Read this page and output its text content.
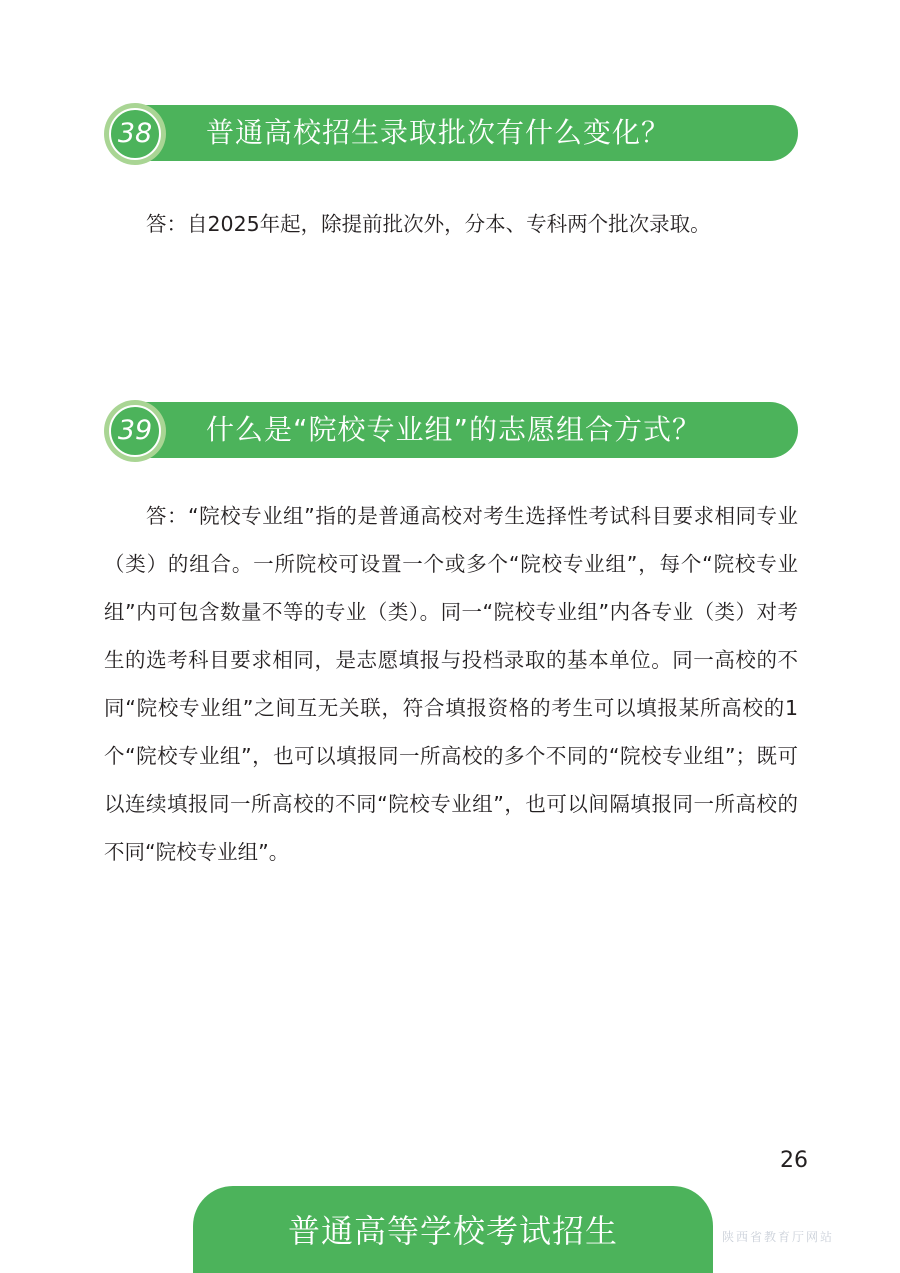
普通高校招生录取批次有什么变化？
38

答：自2025年起，除提前批次外，分本、专科两个批次录取。

什么是“院校专业组”的志愿组合方式？
39

答：“院校专业组”指的是普通高校对考生选择性考试科目要求相同专业（类）的组合。一所院校可设置一个或多个“院校专业组”，每个“院校专业组”内可包含数量不等的专业（类）。同一“院校专业组”内各专业（类）对考生的选考科目要求相同，是志愿填报与投档录取的基本单位。同一高校的不同“院校专业组”之间互无关联，符合填报资格的考生可以填报某所高校的1个“院校专业组”，也可以填报同一所高校的多个不同的“院校专业组”；既可以连续填报同一所高校的不同“院校专业组”，也可以间隔填报同一所高校的不同“院校专业组”。

26
普通高等学校考试招生	陕西省教育厅网站
